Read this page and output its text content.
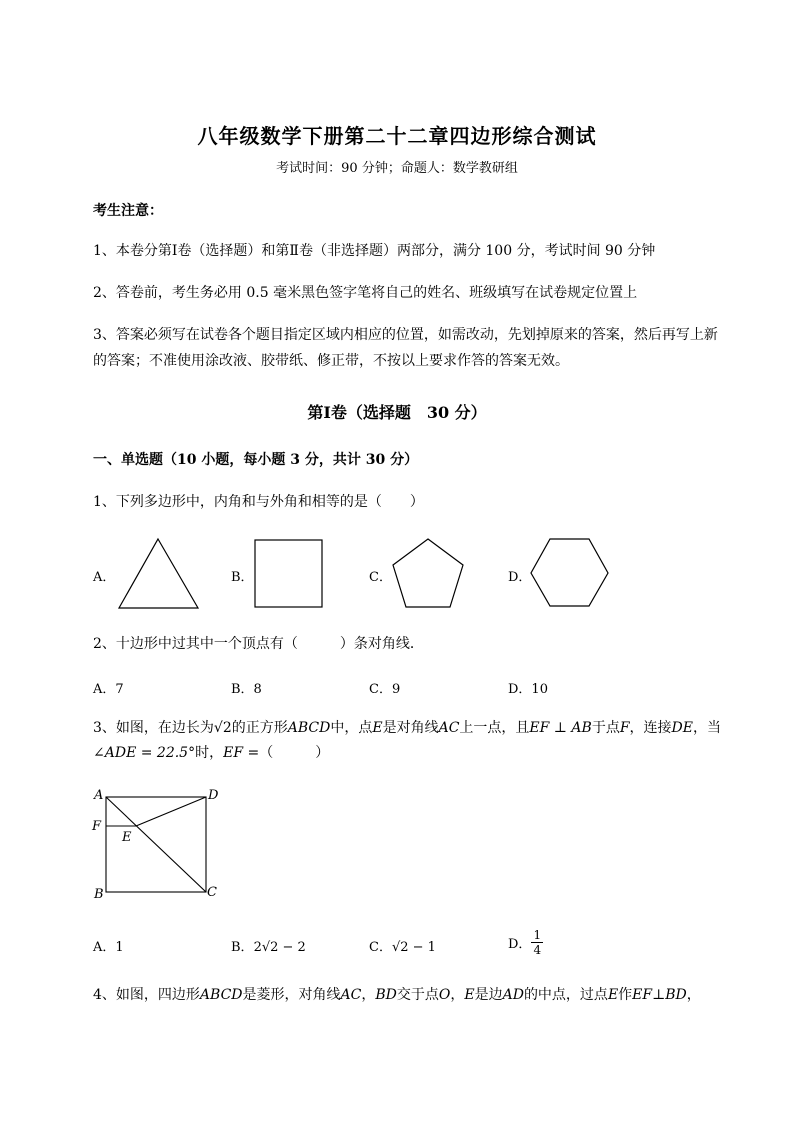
八年级数学下册第二十二章四边形综合测试
考试时间：90 分钟；命题人：数学教研组
考生注意：
1、本卷分第Ⅰ卷（选择题）和第Ⅱ卷（非选择题）两部分，满分 100 分，考试时间 90 分钟
2、答卷前，考生务必用 0.5 毫米黑色签字笔将自己的姓名、班级填写在试卷规定位置上
3、答案必须写在试卷各个题目指定区域内相应的位置，如需改动，先划掉原来的答案，然后再写上新
的答案；不准使用涂改液、胶带纸、修正带，不按以上要求作答的答案无效。
第Ⅰ卷（选择题　30 分）
一、单选题（10 小题，每小题 3 分，共计 30 分）
1、下列多边形中，内角和与外角和相等的是（　　）
A．	B．	C．	D．
2、十边形中过其中一个顶点有（　　　）条对角线．
A．7	B．8	C．9	D．10
3、如图，在边长为√2的正方形ABCD中，点E是对角线AC上一点，且EF ⊥ AB于点F，连接DE，当
∠ADE = 22.5°时，EF =（　　　）
A
F
E
B
D
C
A．1	B．2√2 − 2	C．√2 − 1	D． $\frac{1}{4}$
4、如图，四边形ABCD是菱形，对角线AC，BD交于点O，E是边AD的中点，过点E作EF⊥BD，
